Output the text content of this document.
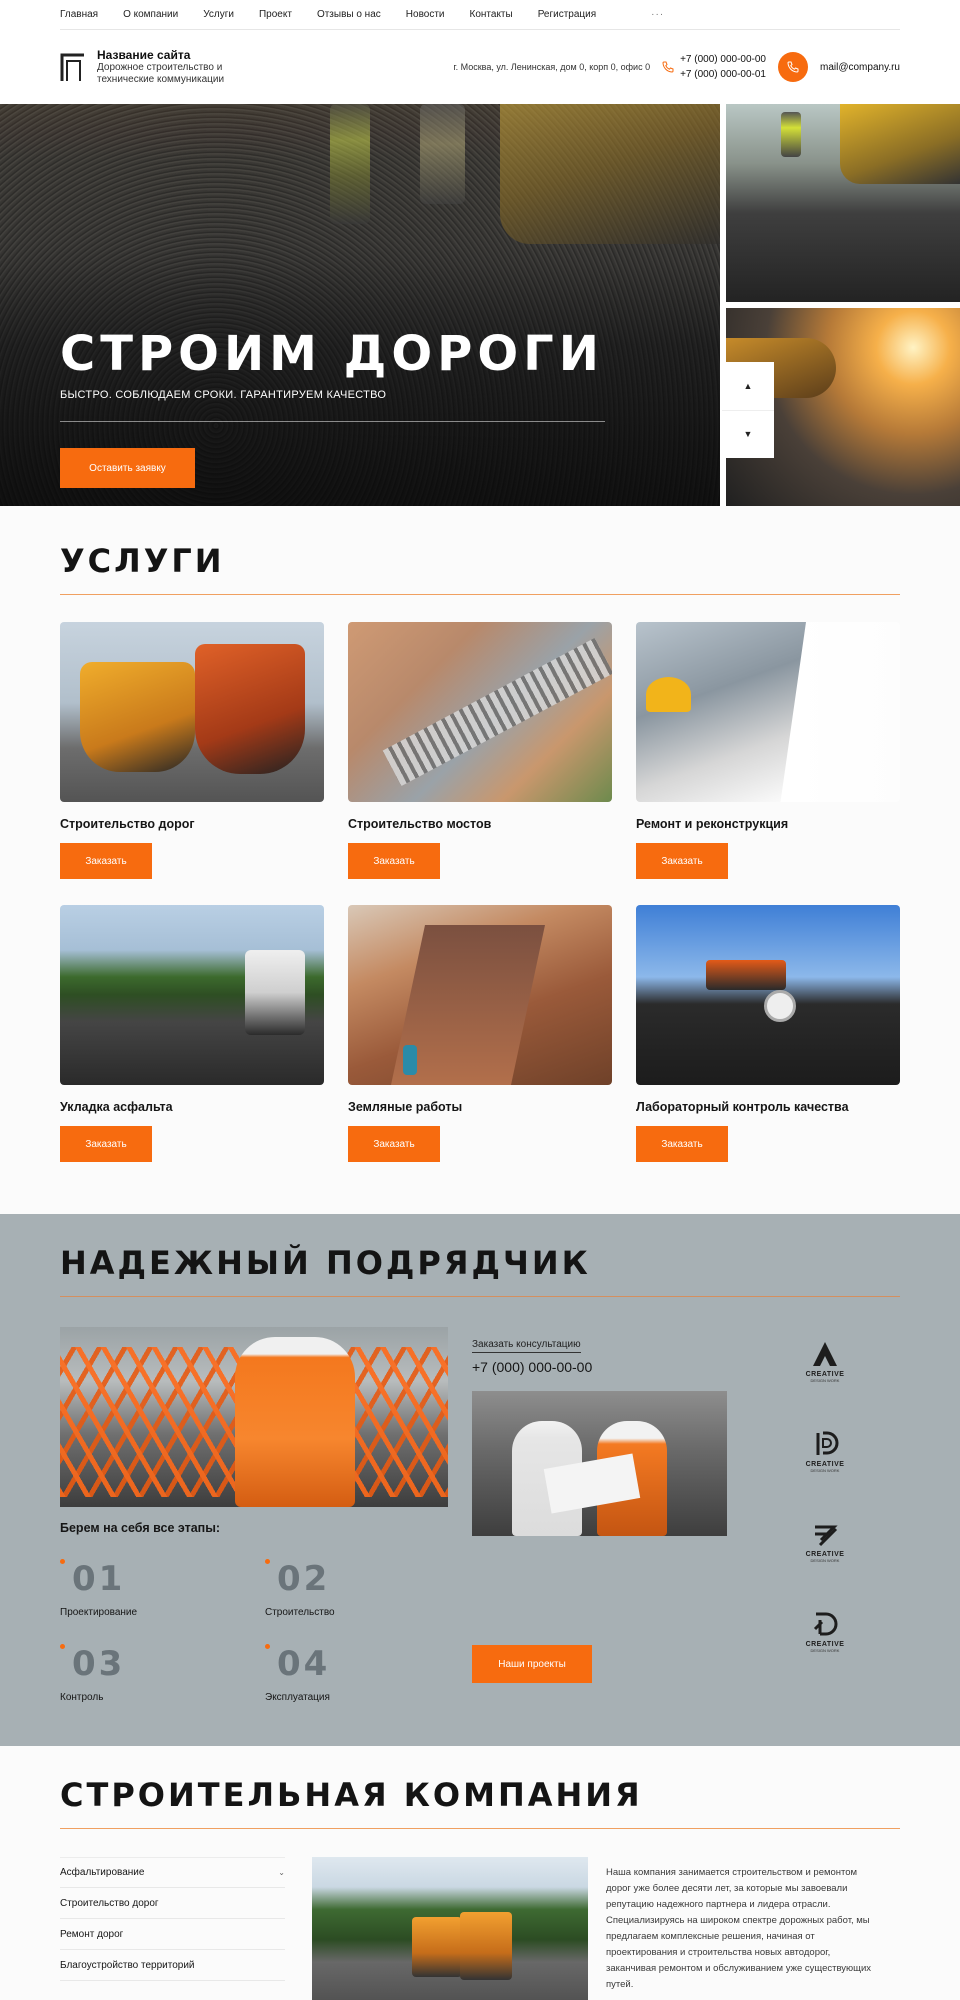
Главная	О компании	Услуги	Проект	Отзывы о нас	Новости	Контакты	Регистрация	···
Название сайта
Дорожное строительство и технические коммуникации
г. Москва, ул. Ленинская, дом 0, корп 0, офис 0
+7 (000) 000-00-00
+7 (000) 000-00-01
mail@company.ru
СТРОИМ ДОРОГИ
БЫСТРО. СОБЛЮДАЕМ СРОКИ. ГАРАНТИРУЕМ КАЧЕСТВО
Оставить заявку
▲
▼
УСЛУГИ
Строительство дорог
Заказать
Строительство мостов
Заказать
Ремонт и реконструкция
Заказать
Укладка асфальта
Заказать
Земляные работы
Заказать
Лабораторный контроль качества
Заказать
НАДЕЖНЫЙ ПОДРЯДЧИК
Берем на себя все этапы:
01
Проектирование
02
Строительство
03
Контроль
04
Эксплуатация
Заказать консультацию
+7 (000) 000-00-00
Наши проекты
CREATIVE
DESIGN WORK
CREATIVE
DESIGN WORK
CREATIVE
DESIGN WORK
CREATIVE
DESIGN WORK
СТРОИТЕЛЬНАЯ КОМПАНИЯ
Асфальтирование	⌄
Строительство дорог
Ремонт дорог
Благоустройство территорий
Наша компания занимается строительством и ремонтом дорог уже более десяти лет, за которые мы завоевали репутацию надежного партнера и лидера отрасли. Специализируясь на широком спектре дорожных работ, мы предлагаем комплексные решения, начиная от проектирования и строительства новых автодорог, заканчивая ремонтом и обслуживанием уже существующих путей.
